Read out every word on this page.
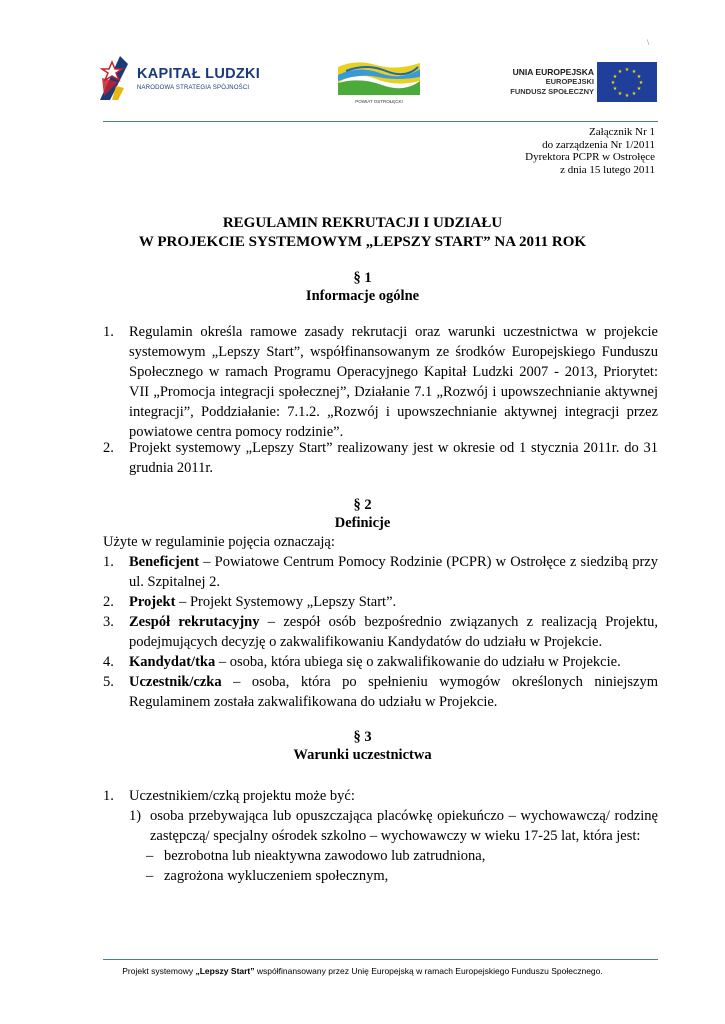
\
KAPITAŁ LUDZKI
NARODOWA STRATEGIA SPÓJNOŚCI
POWIAT OSTROŁĘCKI
UNIA EUROPEJSKA
EUROPEJSKI
FUNDUSZ SPOŁECZNY
★ ★
★
★
★
★
★
★
★
★
★
★
Załącznik Nr 1
do zarządzenia Nr 1/2011
Dyrektora PCPR w Ostrołęce
z dnia 15 lutego 2011
REGULAMIN REKRUTACJI I UDZIAŁU
W PROJEKCIE SYSTEMOWYM „LEPSZY START” NA 2011 ROK
§ 1
Informacje ogólne
1. Regulamin określa ramowe zasady rekrutacji oraz warunki uczestnictwa w projekcie systemowym „Lepszy Start”, współfinansowanym ze środków Europejskiego Funduszu Społecznego w ramach Programu Operacyjnego Kapitał Ludzki 2007 - 2013, Priorytet: VII „Promocja integracji społecznej”, Działanie 7.1 „Rozwój i upowszechnianie aktywnej integracji”, Poddziałanie: 7.1.2. „Rozwój i upowszechnianie aktywnej integracji przez powiatowe centra pomocy rodzinie”.
2. Projekt systemowy „Lepszy Start” realizowany jest w okresie od 1 stycznia 2011r. do 31 grudnia 2011r.
§ 2
Definicje
Użyte w regulaminie pojęcia oznaczają:
1. Beneficjent – Powiatowe Centrum Pomocy Rodzinie (PCPR) w Ostrołęce z siedzibą przy ul. Szpitalnej 2.
2. Projekt – Projekt Systemowy „Lepszy Start”.
3. Zespół rekrutacyjny – zespół osób bezpośrednio związanych z realizacją Projektu, podejmujących decyzję o zakwalifikowaniu Kandydatów do udziału w Projekcie.
4. Kandydat/tka – osoba, która ubiega się o zakwalifikowanie do udziału w Projekcie.
5. Uczestnik/czka – osoba, która po spełnieniu wymogów określonych niniejszym Regulaminem została zakwalifikowana do udziału w Projekcie.
§ 3
Warunki uczestnictwa
1. Uczestnikiem/czką projektu może być:
1) osoba przebywająca lub opuszczająca placówkę opiekuńczo – wychowawczą/ rodzinę zastępczą/ specjalny ośrodek szkolno – wychowawczy w wieku 17-25 lat, która jest:
– bezrobotna lub nieaktywna zawodowo lub zatrudniona,
– zagrożona wykluczeniem społecznym,
Projekt systemowy „Lepszy Start” współfinansowany przez Unię Europejską w ramach Europejskiego Funduszu Społecznego.
